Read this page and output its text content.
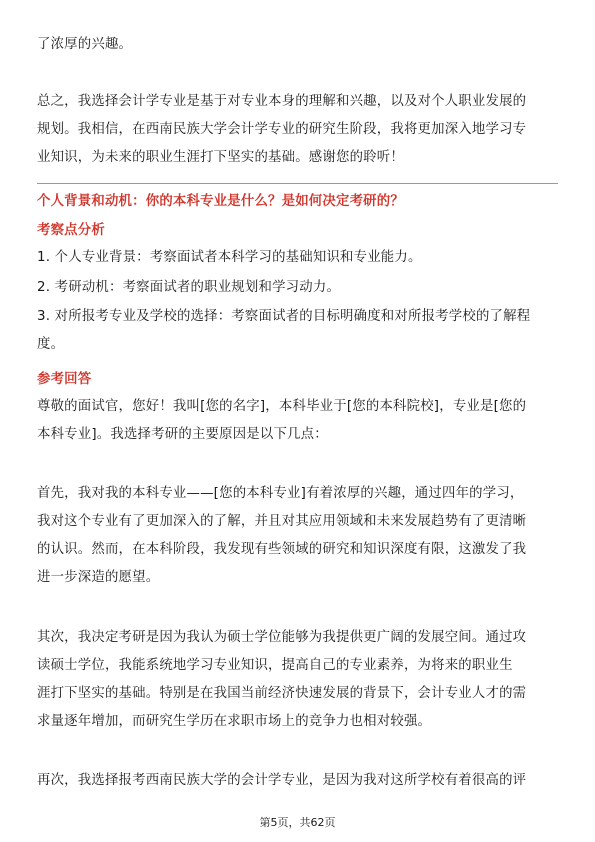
了浓厚的兴趣。
总之，我选择会计学专业是基于对专业本身的理解和兴趣，以及对个人职业发展的
规划。我相信，在西南民族大学会计学专业的研究生阶段，我将更加深入地学习专
业知识，为未来的职业生涯打下坚实的基础。感谢您的聆听！
个人背景和动机：你的本科专业是什么？是如何决定考研的？
考察点分析
1. 个人专业背景：考察面试者本科学习的基础知识和专业能力。
2. 考研动机：考察面试者的职业规划和学习动力。
3. 对所报考专业及学校的选择：考察面试者的目标明确度和对所报考学校的了解程
度。
参考回答
尊敬的面试官，您好！我叫[您的名字]，本科毕业于[您的本科院校]，专业是[您的
本科专业]。我选择考研的主要原因是以下几点：
首先，我对我的本科专业——[您的本科专业]有着浓厚的兴趣，通过四年的学习，
我对这个专业有了更加深入的了解，并且对其应用领域和未来发展趋势有了更清晰
的认识。然而，在本科阶段，我发现有些领域的研究和知识深度有限，这激发了我
进一步深造的愿望。
其次，我决定考研是因为我认为硕士学位能够为我提供更广阔的发展空间。通过攻
读硕士学位，我能系统地学习专业知识，提高自己的专业素养，为将来的职业生
涯打下坚实的基础。特别是在我国当前经济快速发展的背景下，会计专业人才的需
求量逐年增加，而研究生学历在求职市场上的竞争力也相对较强。
再次，我选择报考西南民族大学的会计学专业，是因为我对这所学校有着很高的评
第5页，共62页
